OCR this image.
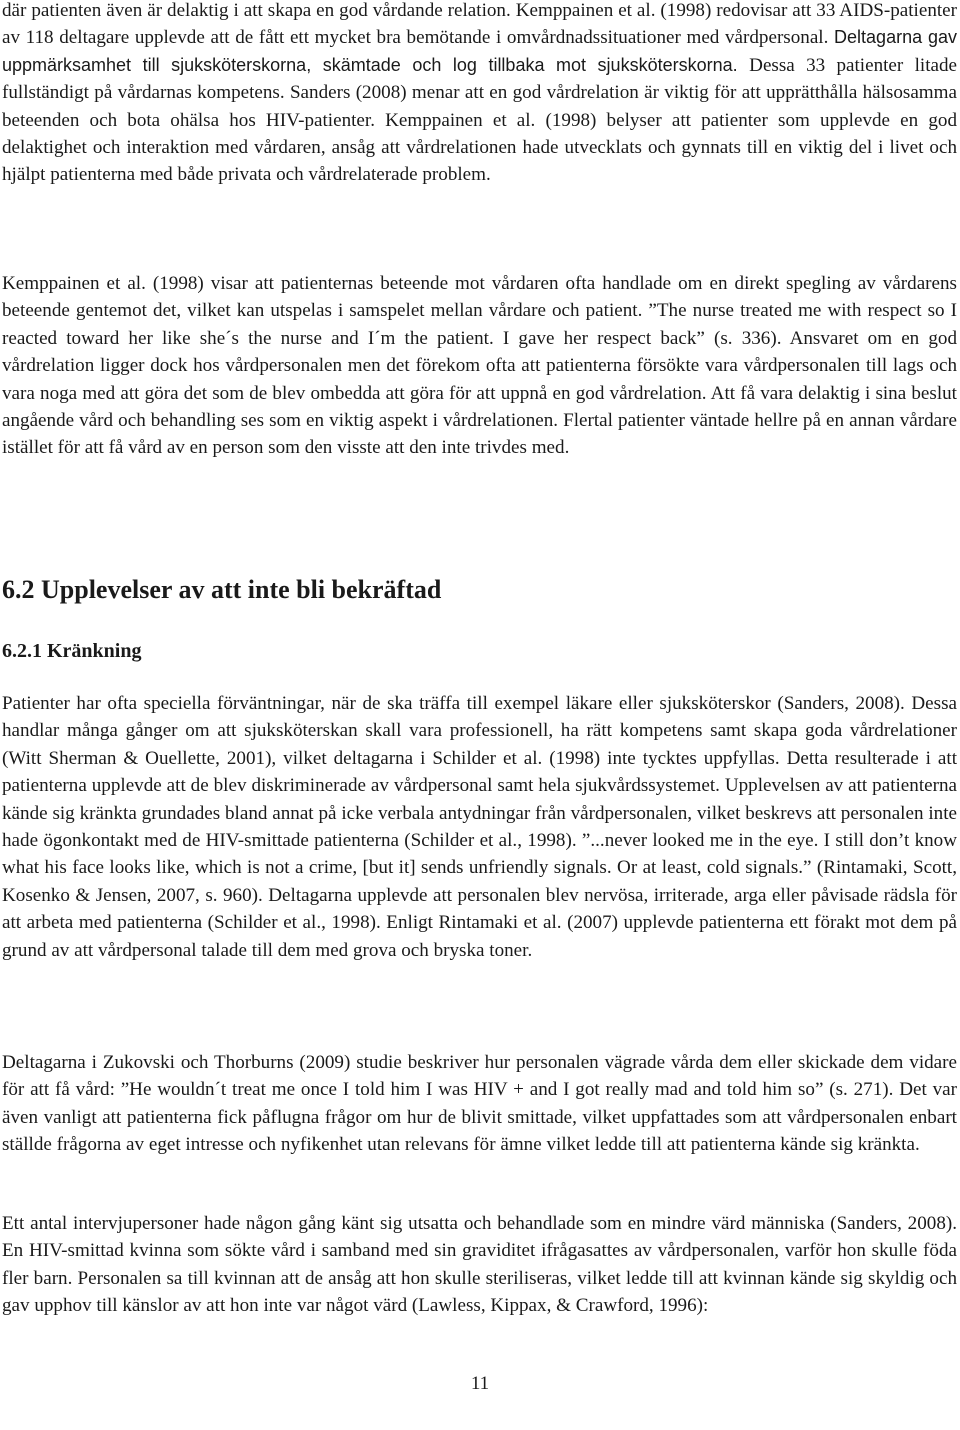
där patienten även är delaktig i att skapa en god vårdande relation. Kemppainen et al. (1998) redovisar att 33 AIDS-patienter av 118 deltagare upplevde att de fått ett mycket bra bemötande i omvårdnadssituationer med vårdpersonal. Deltagarna gav uppmärksamhet till sjuksköterskorna, skämtade och log tillbaka mot sjuksköterskorna. Dessa 33 patienter litade fullständigt på vårdarnas kompetens. Sanders (2008) menar att en god vårdrelation är viktig för att upprätthålla hälsosamma beteenden och bota ohälsa hos HIV-patienter. Kemppainen et al. (1998) belyser att patienter som upplevde en god delaktighet och interaktion med vårdaren, ansåg att vårdrelationen hade utvecklats och gynnats till en viktig del i livet och hjälpt patienterna med både privata och vårdrelaterade problem.

Kemppainen et al. (1998) visar att patienternas beteende mot vårdaren ofta handlade om en direkt spegling av vårdarens beteende gentemot det, vilket kan utspelas i samspelet mellan vårdare och patient. ”The nurse treated me with respect so I reacted toward her like she´s the nurse and I´m the patient. I gave her respect back” (s. 336). Ansvaret om en god vårdrelation ligger dock hos vårdpersonalen men det förekom ofta att patienterna försökte vara vårdpersonalen till lags och vara noga med att göra det som de blev ombedda att göra för att uppnå en god vårdrelation. Att få vara delaktig i sina beslut angående vård och behandling ses som en viktig aspekt i vårdrelationen. Flertal patienter väntade hellre på en annan vårdare istället för att få vård av en person som den visste att den inte trivdes med.

6.2 Upplevelser av att inte bli bekräftad
6.2.1 Kränkning

Patienter har ofta speciella förväntningar, när de ska träffa till exempel läkare eller sjuksköterskor (Sanders, 2008). Dessa handlar många gånger om att sjuksköterskan skall vara professionell, ha rätt kompetens samt skapa goda vårdrelationer (Witt Sherman & Ouellette, 2001), vilket deltagarna i Schilder et al. (1998) inte tycktes uppfyllas. Detta resulterade i att patienterna upplevde att de blev diskriminerade av vårdpersonal samt hela sjukvårdssystemet. Upplevelsen av att patienterna kände sig kränkta grundades bland annat på icke verbala antydningar från vårdpersonalen, vilket beskrevs att personalen inte hade ögonkontakt med de HIV-smittade patienterna (Schilder et al., 1998). ”...never looked me in the eye. I still don’t know what his face looks like, which is not a crime, [but it] sends unfriendly signals. Or at least, cold signals.” (Rintamaki, Scott, Kosenko & Jensen, 2007, s. 960). Deltagarna upplevde att personalen blev nervösa, irriterade, arga eller påvisade rädsla för att arbeta med patienterna (Schilder et al., 1998). Enligt Rintamaki et al. (2007) upplevde patienterna ett förakt mot dem på grund av att vårdpersonal talade till dem med grova och bryska toner.

Deltagarna i Zukovski och Thorburns (2009) studie beskriver hur personalen vägrade vårda dem eller skickade dem vidare för att få vård: ”He wouldn´t treat me once I told him I was HIV + and I got really mad and told him so” (s. 271). Det var även vanligt att patienterna fick påflugna frågor om hur de blivit smittade, vilket uppfattades som att vårdpersonalen enbart ställde frågorna av eget intresse och nyfikenhet utan relevans för ämne vilket ledde till att patienterna kände sig kränkta.

Ett antal intervjupersoner hade någon gång känt sig utsatta och behandlade som en mindre värd människa (Sanders, 2008). En HIV-smittad kvinna som sökte vård i samband med sin graviditet ifrågasattes av vårdpersonalen, varför hon skulle föda fler barn. Personalen sa till kvinnan att de ansåg att hon skulle steriliseras, vilket ledde till att kvinnan kände sig skyldig och gav upphov till känslor av att hon inte var något värd (Lawless, Kippax, & Crawford, 1996):

11
